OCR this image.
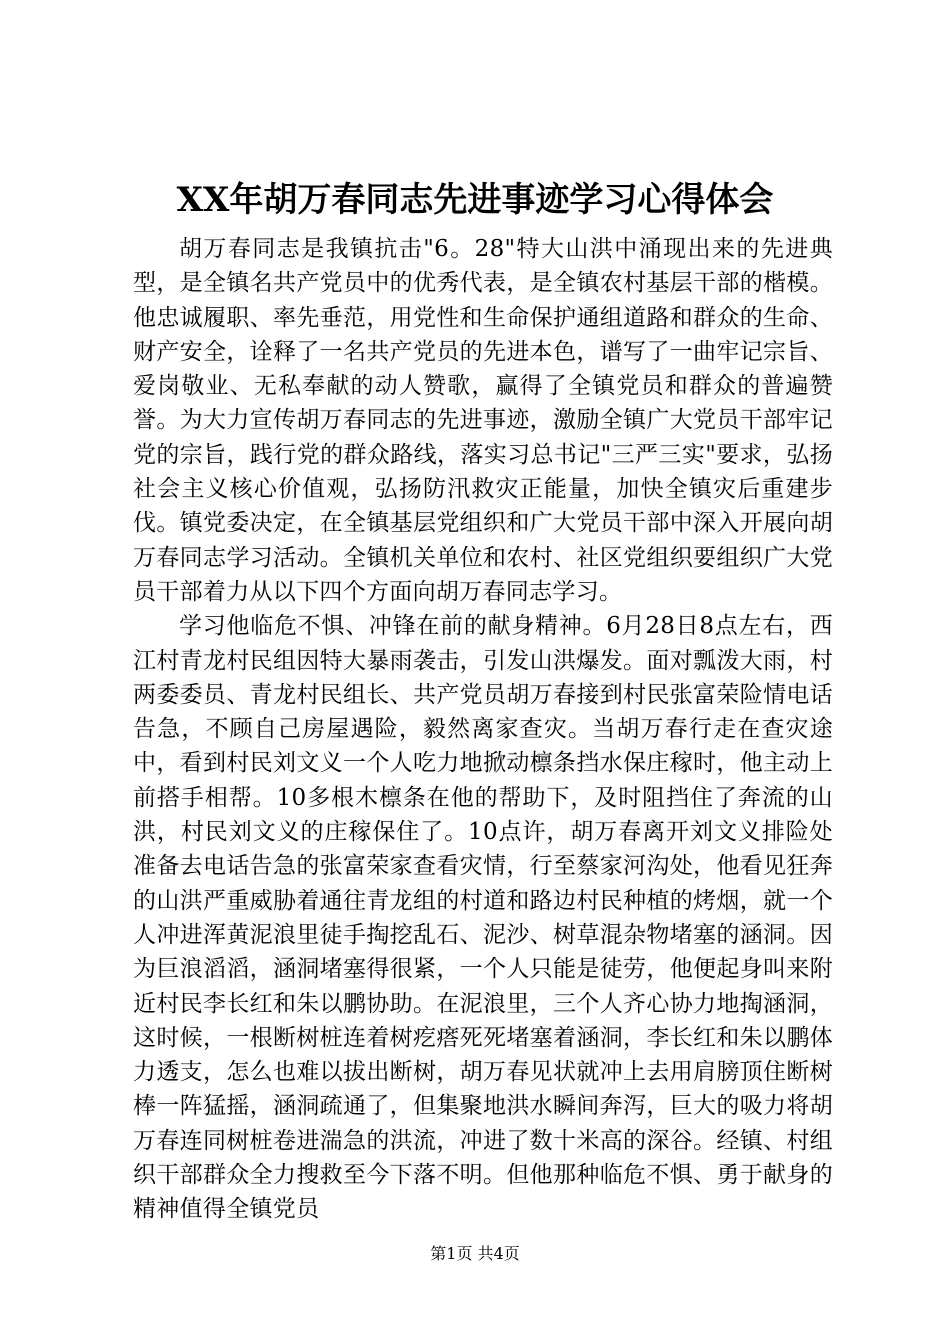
XX年胡万春同志先进事迹学习心得体会

胡万春同志是我镇抗击"6。28"特大山洪中涌现出来的先进典型，是全镇名共产党员中的优秀代表，是全镇农村基层干部的楷模。他忠诚履职、率先垂范，用党性和生命保护通组道路和群众的生命、财产安全，诠释了一名共产党员的先进本色，谱写了一曲牢记宗旨、爱岗敬业、无私奉献的动人赞歌，赢得了全镇党员和群众的普遍赞誉。为大力宣传胡万春同志的先进事迹，激励全镇广大党员干部牢记党的宗旨，践行党的群众路线，落实习总书记"三严三实"要求，弘扬社会主义核心价值观，弘扬防汛救灾正能量，加快全镇灾后重建步伐。镇党委决定，在全镇基层党组织和广大党员干部中深入开展向胡万春同志学习活动。全镇机关单位和农村、社区党组织要组织广大党员干部着力从以下四个方面向胡万春同志学习。

学习他临危不惧、冲锋在前的献身精神。6月28日8点左右，西江村青龙村民组因特大暴雨袭击，引发山洪爆发。面对瓢泼大雨，村两委委员、青龙村民组长、共产党员胡万春接到村民张富荣险情电话告急，不顾自己房屋遇险，毅然离家查灾。当胡万春行走在查灾途中，看到村民刘文义一个人吃力地掀动檩条挡水保庄稼时，他主动上前搭手相帮。10多根木檩条在他的帮助下，及时阻挡住了奔流的山洪，村民刘文义的庄稼保住了。10点许，胡万春离开刘文义排险处准备去电话告急的张富荣家查看灾情，行至蔡家河沟处，他看见狂奔的山洪严重威胁着通往青龙组的村道和路边村民种植的烤烟，就一个人冲进浑黄泥浪里徒手掏挖乱石、泥沙、树草混杂物堵塞的涵洞。因为巨浪滔滔，涵洞堵塞得很紧，一个人只能是徒劳，他便起身叫来附近村民李长红和朱以鹏协助。在泥浪里，三个人齐心协力地掏涵洞，这时候，一根断树桩连着树疙瘩死死堵塞着涵洞，李长红和朱以鹏体力透支，怎么也难以拔出断树，胡万春见状就冲上去用肩膀顶住断树棒一阵猛摇，涵洞疏通了，但集聚地洪水瞬间奔泻，巨大的吸力将胡万春连同树桩卷进湍急的洪流，冲进了数十米高的深谷。经镇、村组织干部群众全力搜救至今下落不明。但他那种临危不惧、勇于献身的精神值得全镇党员

第1页 共4页
